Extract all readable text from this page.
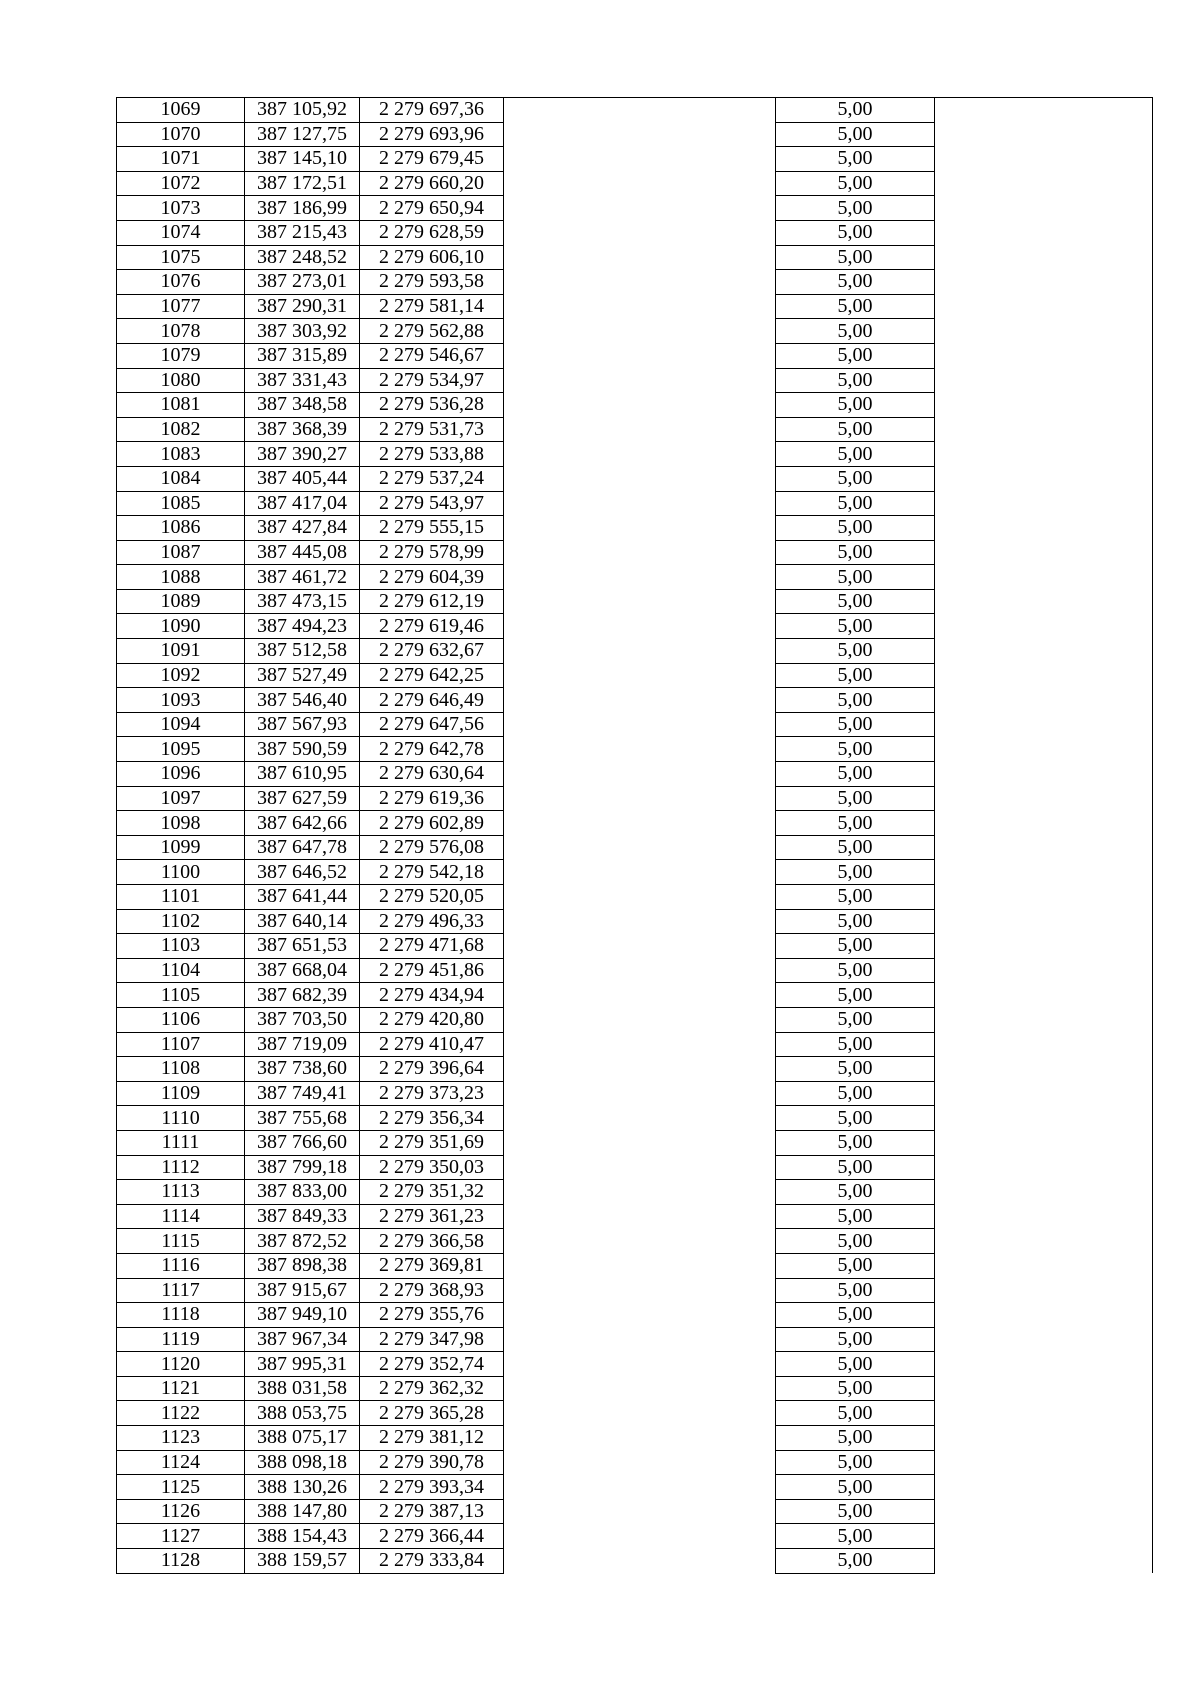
1069	387 105,92	2 279 697,36		5,00	
1070	387 127,75	2 279 693,96		5,00	
1071	387 145,10	2 279 679,45		5,00	
1072	387 172,51	2 279 660,20		5,00	
1073	387 186,99	2 279 650,94		5,00	
1074	387 215,43	2 279 628,59		5,00	
1075	387 248,52	2 279 606,10		5,00	
1076	387 273,01	2 279 593,58		5,00	
1077	387 290,31	2 279 581,14		5,00	
1078	387 303,92	2 279 562,88		5,00	
1079	387 315,89	2 279 546,67		5,00	
1080	387 331,43	2 279 534,97		5,00	
1081	387 348,58	2 279 536,28		5,00	
1082	387 368,39	2 279 531,73		5,00	
1083	387 390,27	2 279 533,88		5,00	
1084	387 405,44	2 279 537,24		5,00	
1085	387 417,04	2 279 543,97		5,00	
1086	387 427,84	2 279 555,15		5,00	
1087	387 445,08	2 279 578,99		5,00	
1088	387 461,72	2 279 604,39		5,00	
1089	387 473,15	2 279 612,19		5,00	
1090	387 494,23	2 279 619,46		5,00	
1091	387 512,58	2 279 632,67		5,00	
1092	387 527,49	2 279 642,25		5,00	
1093	387 546,40	2 279 646,49		5,00	
1094	387 567,93	2 279 647,56		5,00	
1095	387 590,59	2 279 642,78		5,00	
1096	387 610,95	2 279 630,64		5,00	
1097	387 627,59	2 279 619,36		5,00	
1098	387 642,66	2 279 602,89		5,00	
1099	387 647,78	2 279 576,08		5,00	
1100	387 646,52	2 279 542,18		5,00	
1101	387 641,44	2 279 520,05		5,00	
1102	387 640,14	2 279 496,33		5,00	
1103	387 651,53	2 279 471,68		5,00	
1104	387 668,04	2 279 451,86		5,00	
1105	387 682,39	2 279 434,94		5,00	
1106	387 703,50	2 279 420,80		5,00	
1107	387 719,09	2 279 410,47		5,00	
1108	387 738,60	2 279 396,64		5,00	
1109	387 749,41	2 279 373,23		5,00	
1110	387 755,68	2 279 356,34		5,00	
1111	387 766,60	2 279 351,69		5,00	
1112	387 799,18	2 279 350,03		5,00	
1113	387 833,00	2 279 351,32		5,00	
1114	387 849,33	2 279 361,23		5,00	
1115	387 872,52	2 279 366,58		5,00	
1116	387 898,38	2 279 369,81		5,00	
1117	387 915,67	2 279 368,93		5,00	
1118	387 949,10	2 279 355,76		5,00	
1119	387 967,34	2 279 347,98		5,00	
1120	387 995,31	2 279 352,74		5,00	
1121	388 031,58	2 279 362,32		5,00	
1122	388 053,75	2 279 365,28		5,00	
1123	388 075,17	2 279 381,12		5,00	
1124	388 098,18	2 279 390,78		5,00	
1125	388 130,26	2 279 393,34		5,00	
1126	388 147,80	2 279 387,13		5,00	
1127	388 154,43	2 279 366,44		5,00	
1128	388 159,57	2 279 333,84		5,00	
